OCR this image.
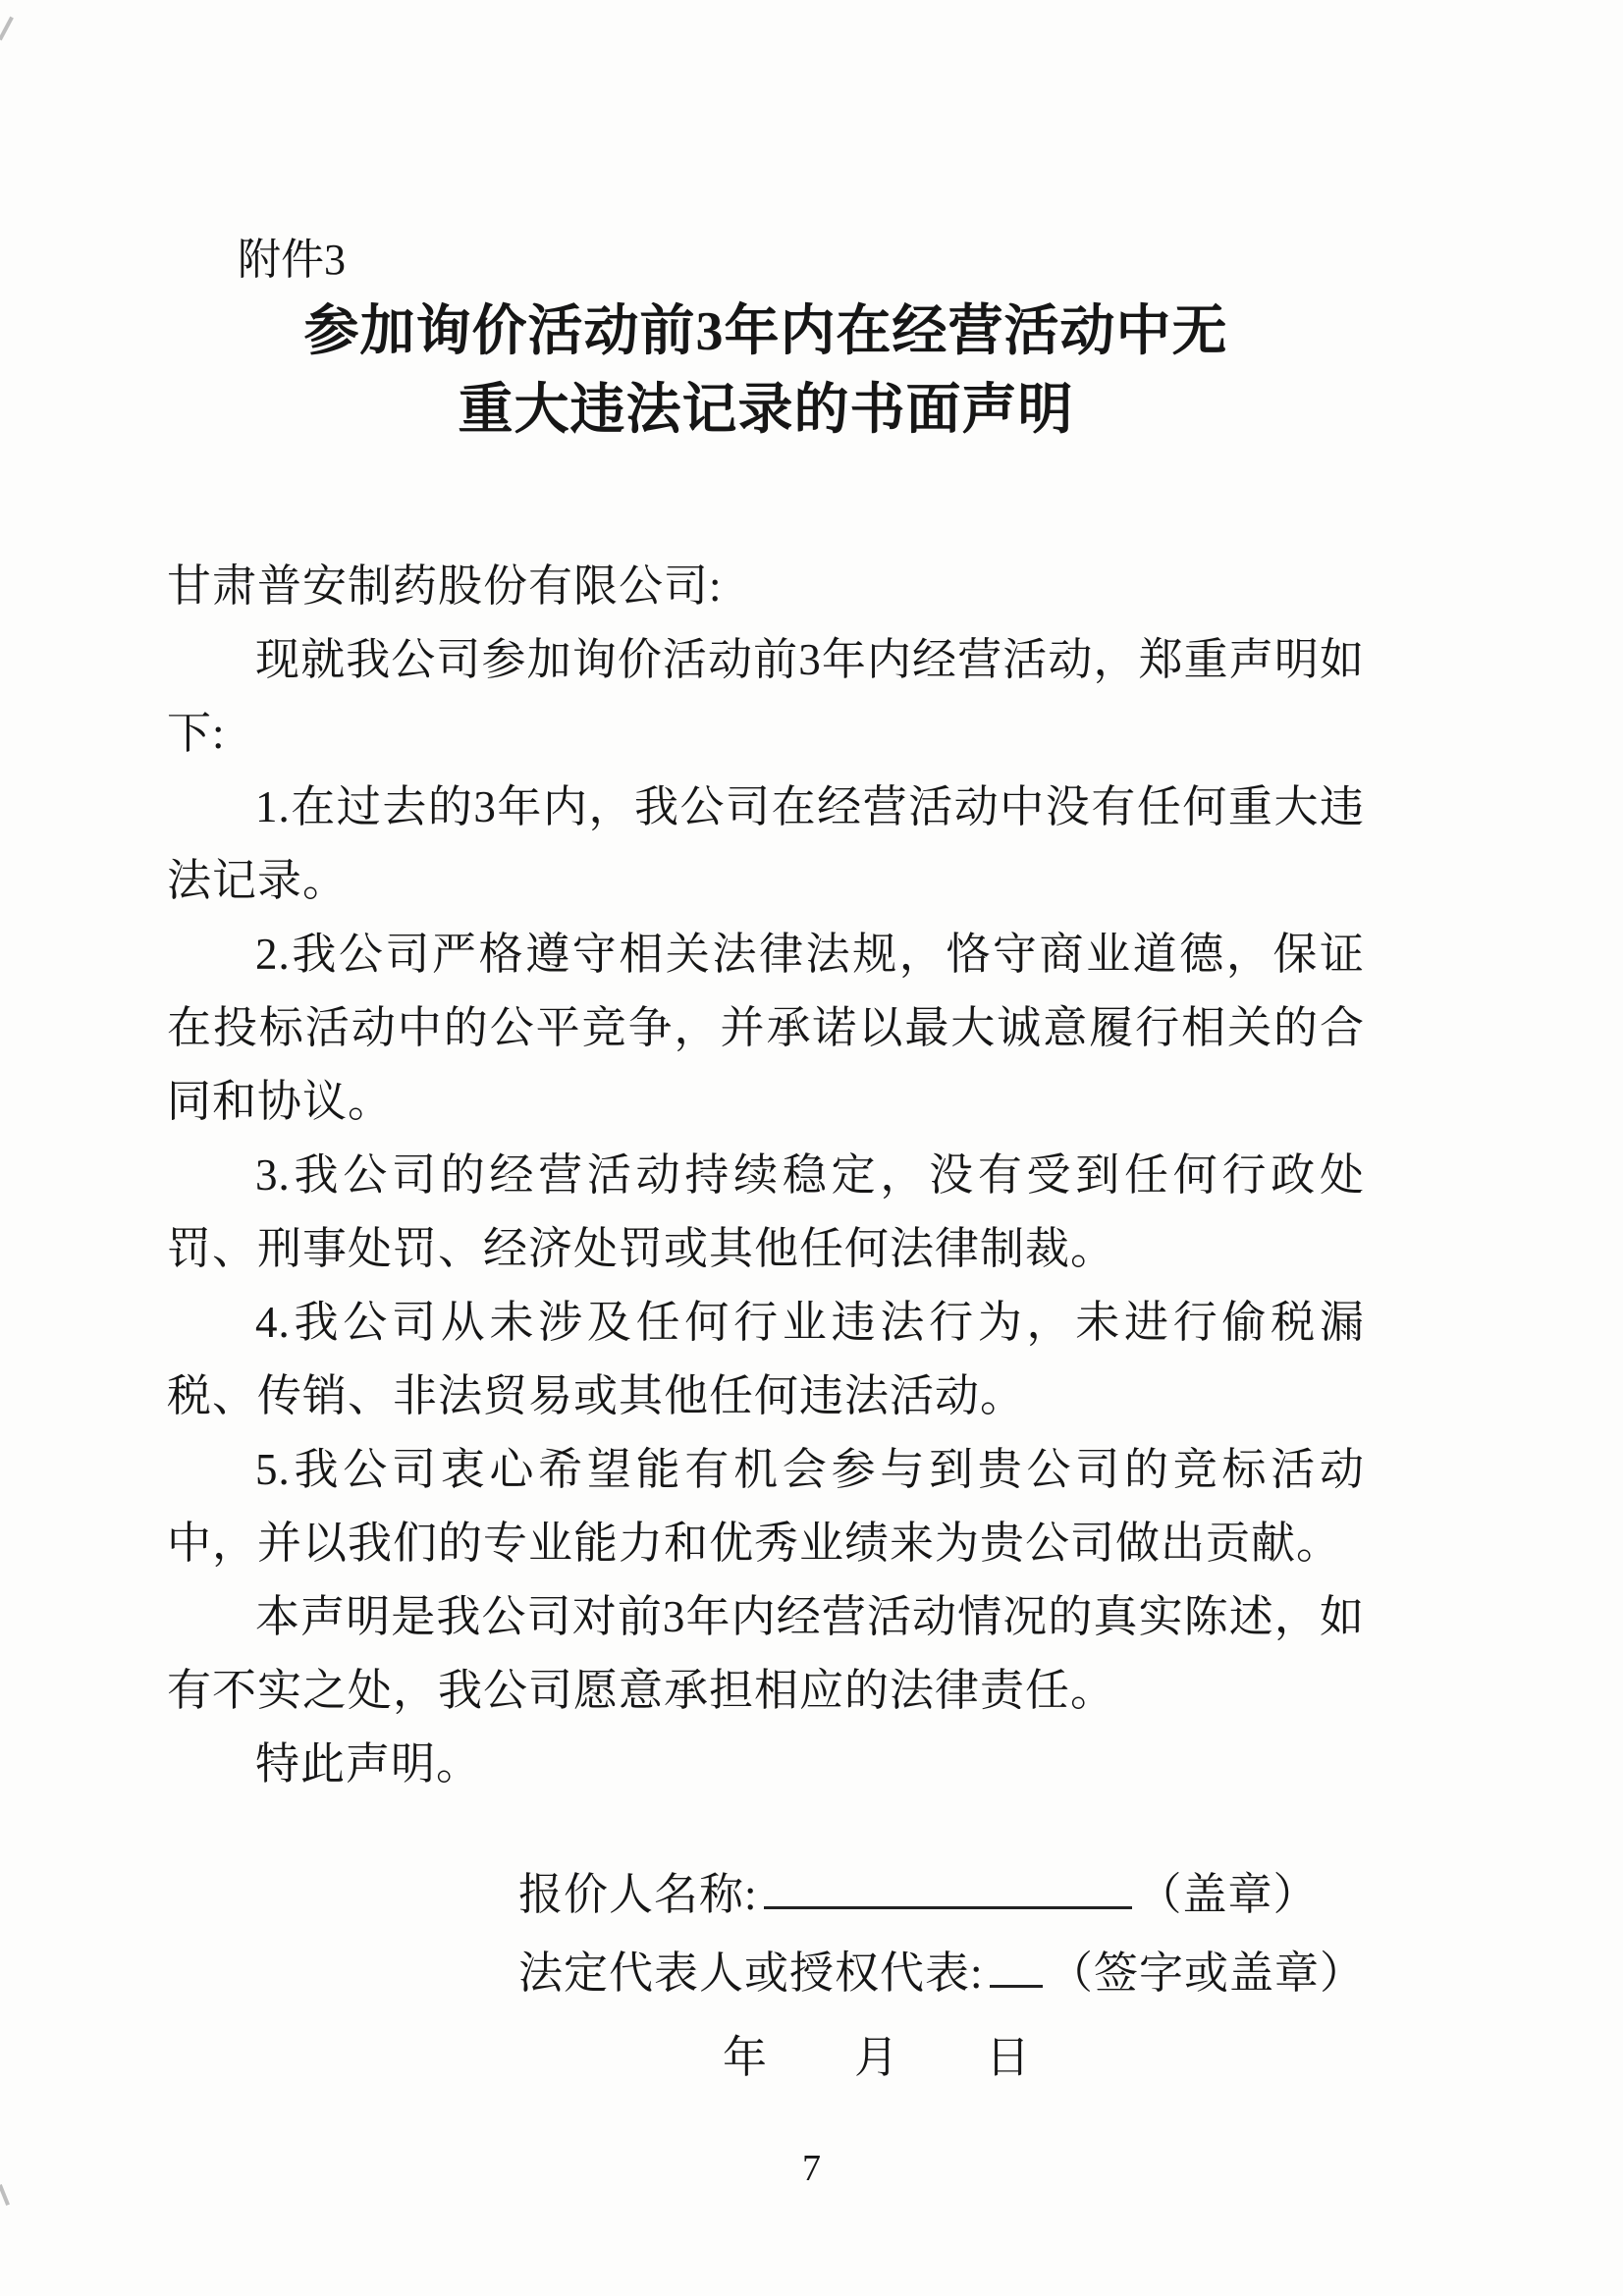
附件3
参加询价活动前3年内在经营活动中无
重大违法记录的书面声明

甘肃普安制药股份有限公司:

现就我公司参加询价活动前3年内经营活动，郑重声明如下:

1.在过去的3年内，我公司在经营活动中没有任何重大违法记录。

2.我公司严格遵守相关法律法规，恪守商业道德，保证在投标活动中的公平竞争，并承诺以最大诚意履行相关的合同和协议。

3.我公司的经营活动持续稳定，没有受到任何行政处罚、刑事处罚、经济处罚或其他任何法律制裁。

4.我公司从未涉及任何行业违法行为，未进行偷税漏税、传销、非法贸易或其他任何违法活动。

5.我公司衷心希望能有机会参与到贵公司的竞标活动中，并以我们的专业能力和优秀业绩来为贵公司做出贡献。

本声明是我公司对前3年内经营活动情况的真实陈述，如有不实之处，我公司愿意承担相应的法律责任。

特此声明。

报价人名称:	（盖章）
法定代表人或授权代表: （签字或盖章）
年 月 日
7
